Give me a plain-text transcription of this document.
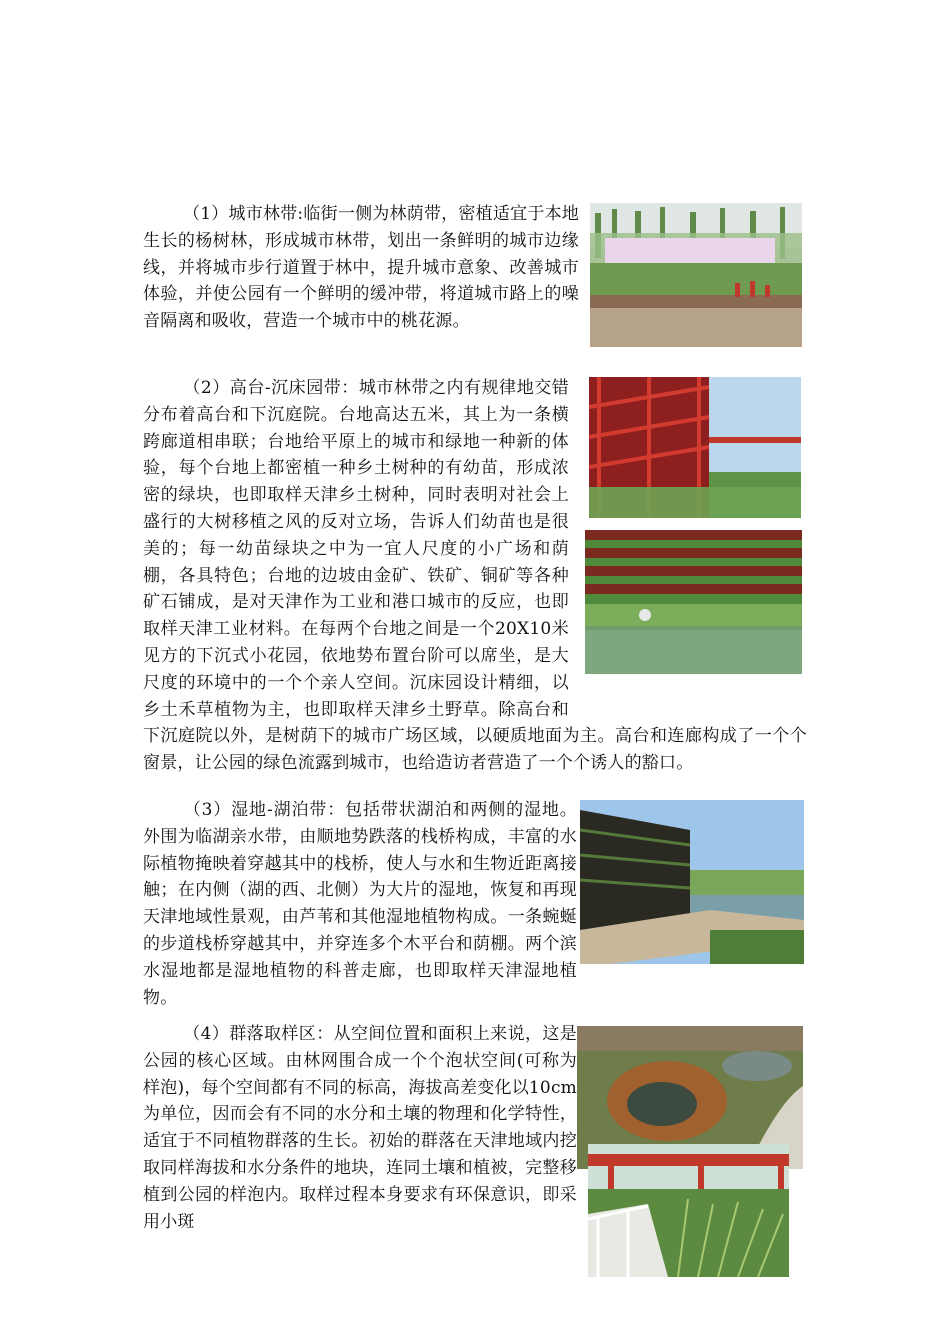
（1）城市林带:临街一侧为林荫带，密植适宜于本地生长的杨树林，形成城市林带，划出一条鲜明的城市边缘线，并将城市步行道置于林中，提升城市意象、改善城市体验，并使公园有一个鲜明的缓冲带，将道城市路上的噪音隔离和吸收，营造一个城市中的桃花源。

（2）高台-沉床园带：城市林带之内有规律地交错分布着高台和下沉庭院。台地高达五米，其上为一条横跨廊道相串联；台地给平原上的城市和绿地一种新的体验，每个台地上都密植一种乡土树种的有幼苗，形成浓密的绿块，也即取样天津乡土树种，同时表明对社会上盛行的大树移植之风的反对立场，告诉人们幼苗也是很美的；每一幼苗绿块之中为一宜人尺度的小广场和荫棚，各具特色；台地的边坡由金矿、铁矿、铜矿等各种矿石铺成，是对天津作为工业和港口城市的反应，也即取样天津工业材料。在每两个台地之间是一个20X10米见方的下沉式小花园，依地势布置台阶可以席坐，是大尺度的环境中的一个个亲人空间。沉床园设计精细，以乡土禾草植物为主，也即取样天津乡土野草。除高台和下沉庭院以外，是树荫下的城市广场区域，以硬质地面为主。高台和连廊构成了一个个窗景，让公园的绿色流露到城市，也给造访者营造了一个个诱人的豁口。

（3）湿地-湖泊带：包括带状湖泊和两侧的湿地。外围为临湖亲水带，由顺地势跌落的栈桥构成，丰富的水际植物掩映着穿越其中的栈桥，使人与水和生物近距离接触；在内侧（湖的西、北侧）为大片的湿地，恢复和再现天津地域性景观，由芦苇和其他湿地植物构成。一条蜿蜒的步道栈桥穿越其中，并穿连多个木平台和荫棚。两个滨水湿地都是湿地植物的科普走廊，也即取样天津湿地植物。

（4）群落取样区：从空间位置和面积上来说，这是公园的核心区域。由林网围合成一个个泡状空间(可称为样泡)，每个空间都有不同的标高，海拔高差变化以10cm为单位，因而会有不同的水分和土壤的物理和化学特性，适宜于不同植物群落的生长。初始的群落在天津地域内挖取同样海拔和水分条件的地块，连同土壤和植被，完整移植到公园的样泡内。取样过程本身要求有环保意识，即采用小斑
